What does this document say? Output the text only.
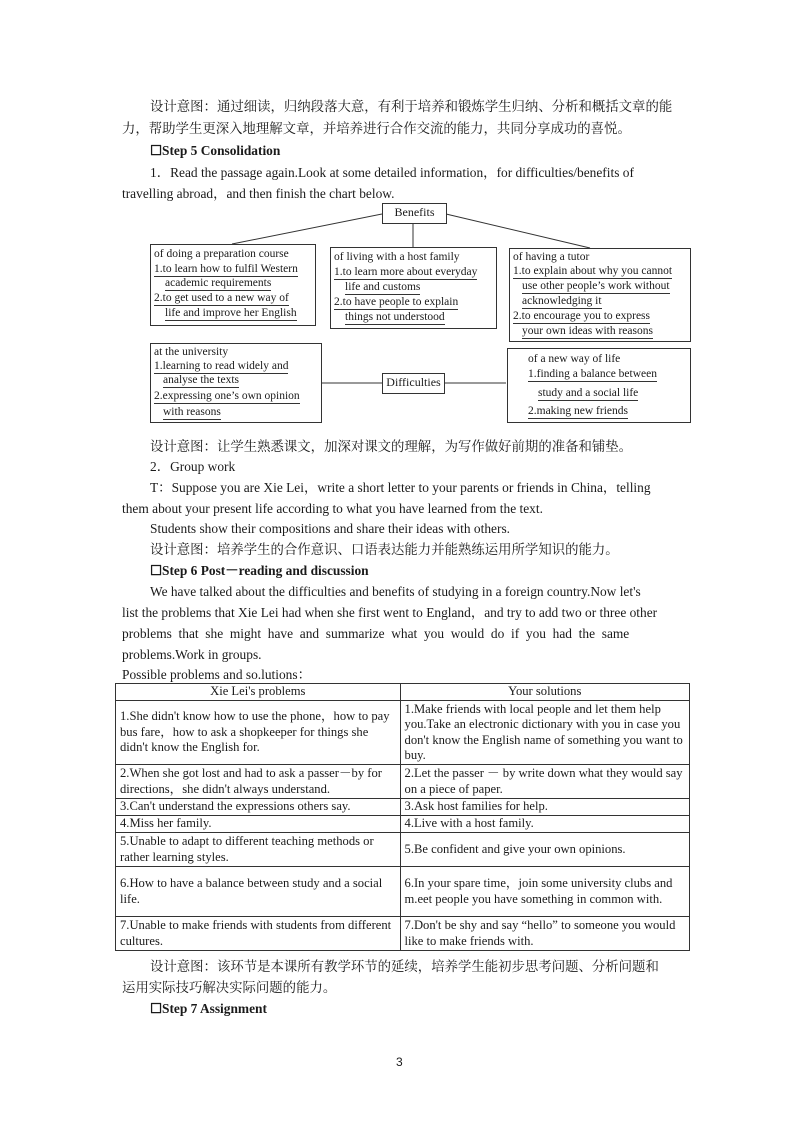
设计意图：通过细读，归纳段落大意，有利于培养和锻炼学生归纳、分析和概括文章的能
力，帮助学生更深入地理解文章，并培养进行合作交流的能力，共同分享成功的喜悦。
☐Step 5 Consolidation
1．Read the passage again.Look at some detailed information，for difficulties/benefits of
travelling abroad，and then finish the chart below.
Benefits
of doing a preparation course
1.to learn how to fulfil Western
academic requirements
2.to get used to a new way of
life and improve her English
of living with a host family
1.to learn more about everyday
life and customs
2.to have people to explain
things not understood
of having a tutor
1.to explain about why you cannot
use other people’s work without
acknowledging it
2.to encourage you to express
your own ideas with reasons
at the university
1.learning to read widely and
analyse the texts
2.expressing one’s own opinion
with reasons
Difficulties
of a new way of life
1.finding a balance between
study and a social life
2.making new friends
设计意图：让学生熟悉课文，加深对课文的理解，为写作做好前期的准备和铺垫。
2．Group work
T：Suppose you are Xie Lei，write a short letter to your parents or friends in China，telling
them about your present life according to what you have learned from the text.
Students show their compositions and share their ideas with others.
设计意图：培养学生的合作意识、口语表达能力并能熟练运用所学知识的能力。
☐Step 6 Post－reading and discussion
We have talked about the difficulties and benefits of studying in a foreign country.Now let's
list the problems that Xie Lei had when she first went to England，and try to add two or three other
problems  that  she  might  have  and  summarize  what  you  would  do  if  you  had  the  same
problems.Work in groups.
Possible problems and so.lutions：
Xie Lei's problems	Your solutions
1.She didn't know how to use the phone，how to pay bus fare，how to ask a shopkeeper for things she didn't know the English for.	1.Make friends with local people and let them help you.Take an electronic dictionary with you in case you don't know the English name of something you want to buy.
2.When she got lost and had to ask a passer－by for directions，she didn't always understand.	2.Let the passer － by write down what they would say on a piece of paper.
3.Can't understand the expressions others say.	3.Ask host families for help.
4.Miss her family.	4.Live with a host family.
5.Unable to adapt to different teaching methods or rather learning styles.	5.Be confident and give your own opinions.
6.How to have a balance between study and a social life.	6.In your spare time，join some university clubs and m.eet people you have something in common with.
7.Unable to make friends with students from different cultures.	7.Don't be shy and say “hello” to someone you would like to make friends with.
设计意图：该环节是本课所有教学环节的延续，培养学生能初步思考问题、分析问题和
运用实际技巧解决实际问题的能力。
☐Step 7 Assignment
3
